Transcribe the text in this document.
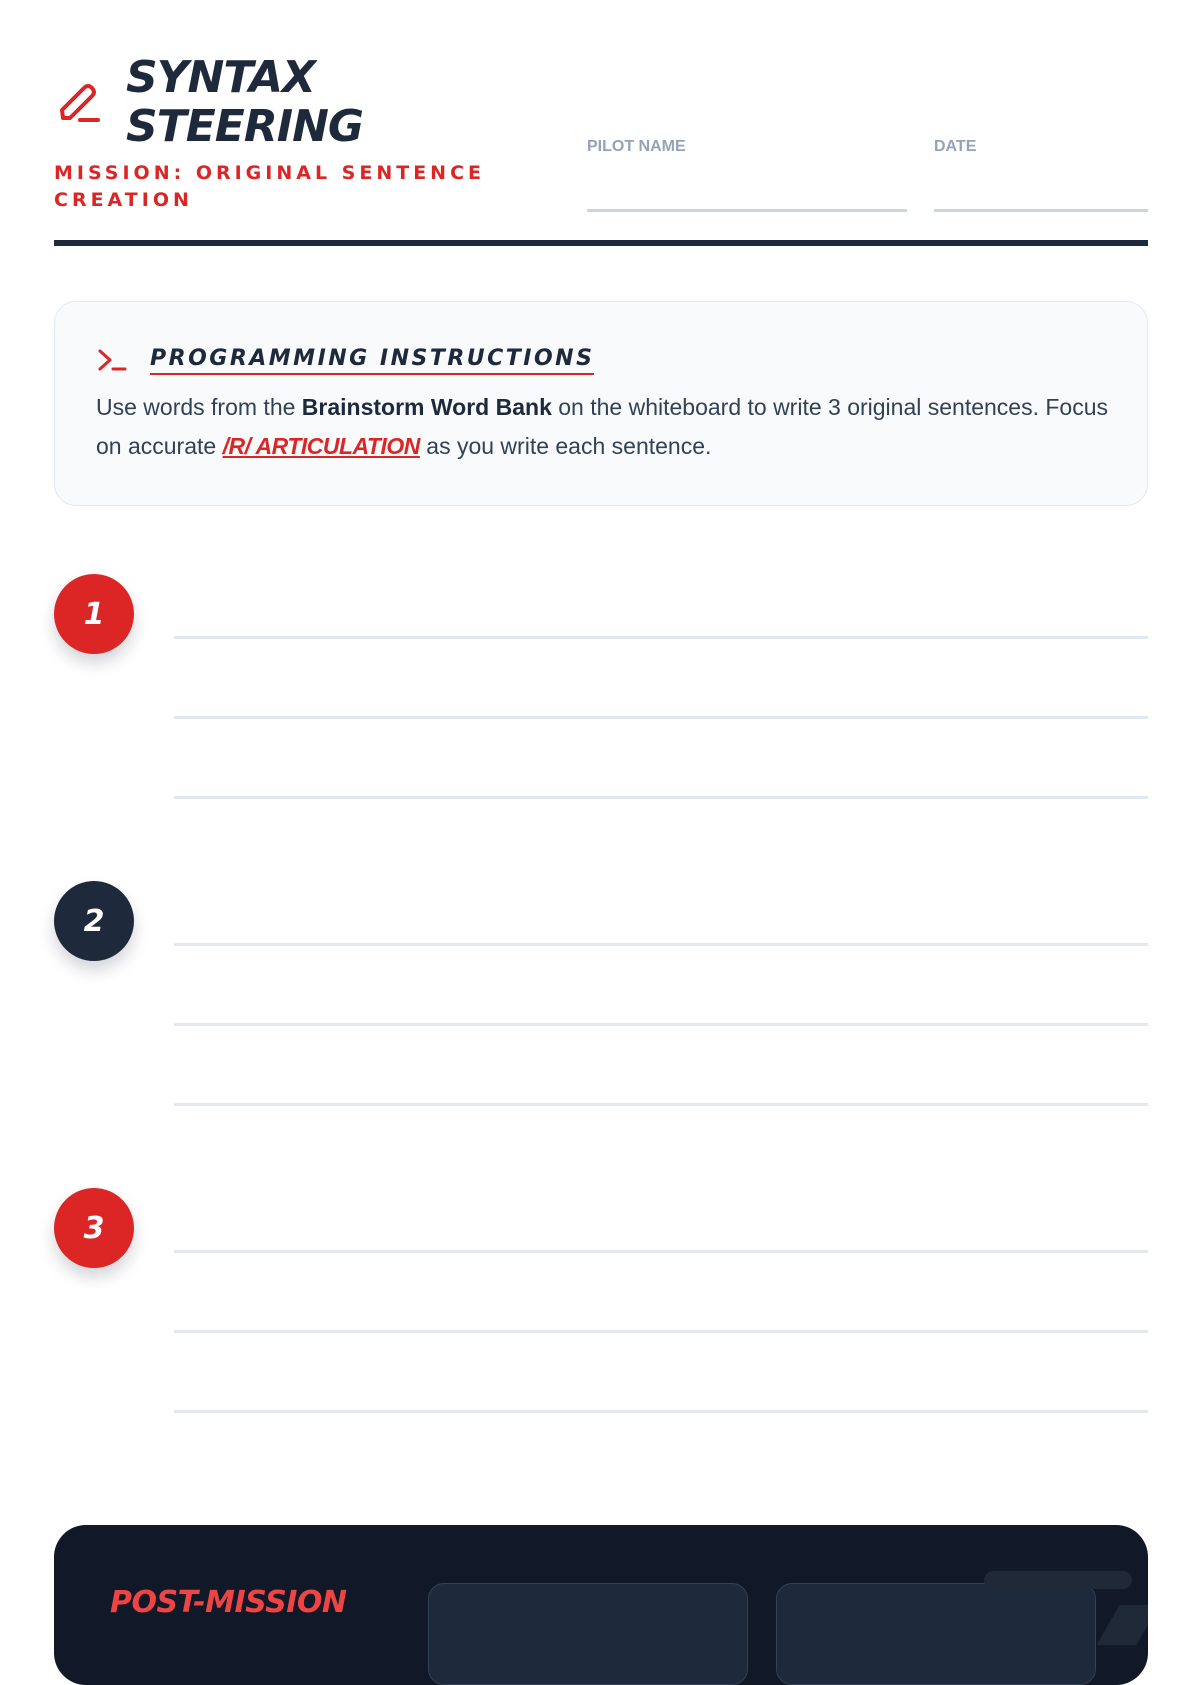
SYNTAX
STEERING
MISSION: ORIGINAL SENTENCE CREATION
PILOT NAME	DATE
PROGRAMMING INSTRUCTIONS
Use words from the Brainstorm Word Bank on the whiteboard to write 3 original sentences. Focus on accurate /R/ ARTICULATION as you write each sentence.
1
2
3
POST-MISSION
